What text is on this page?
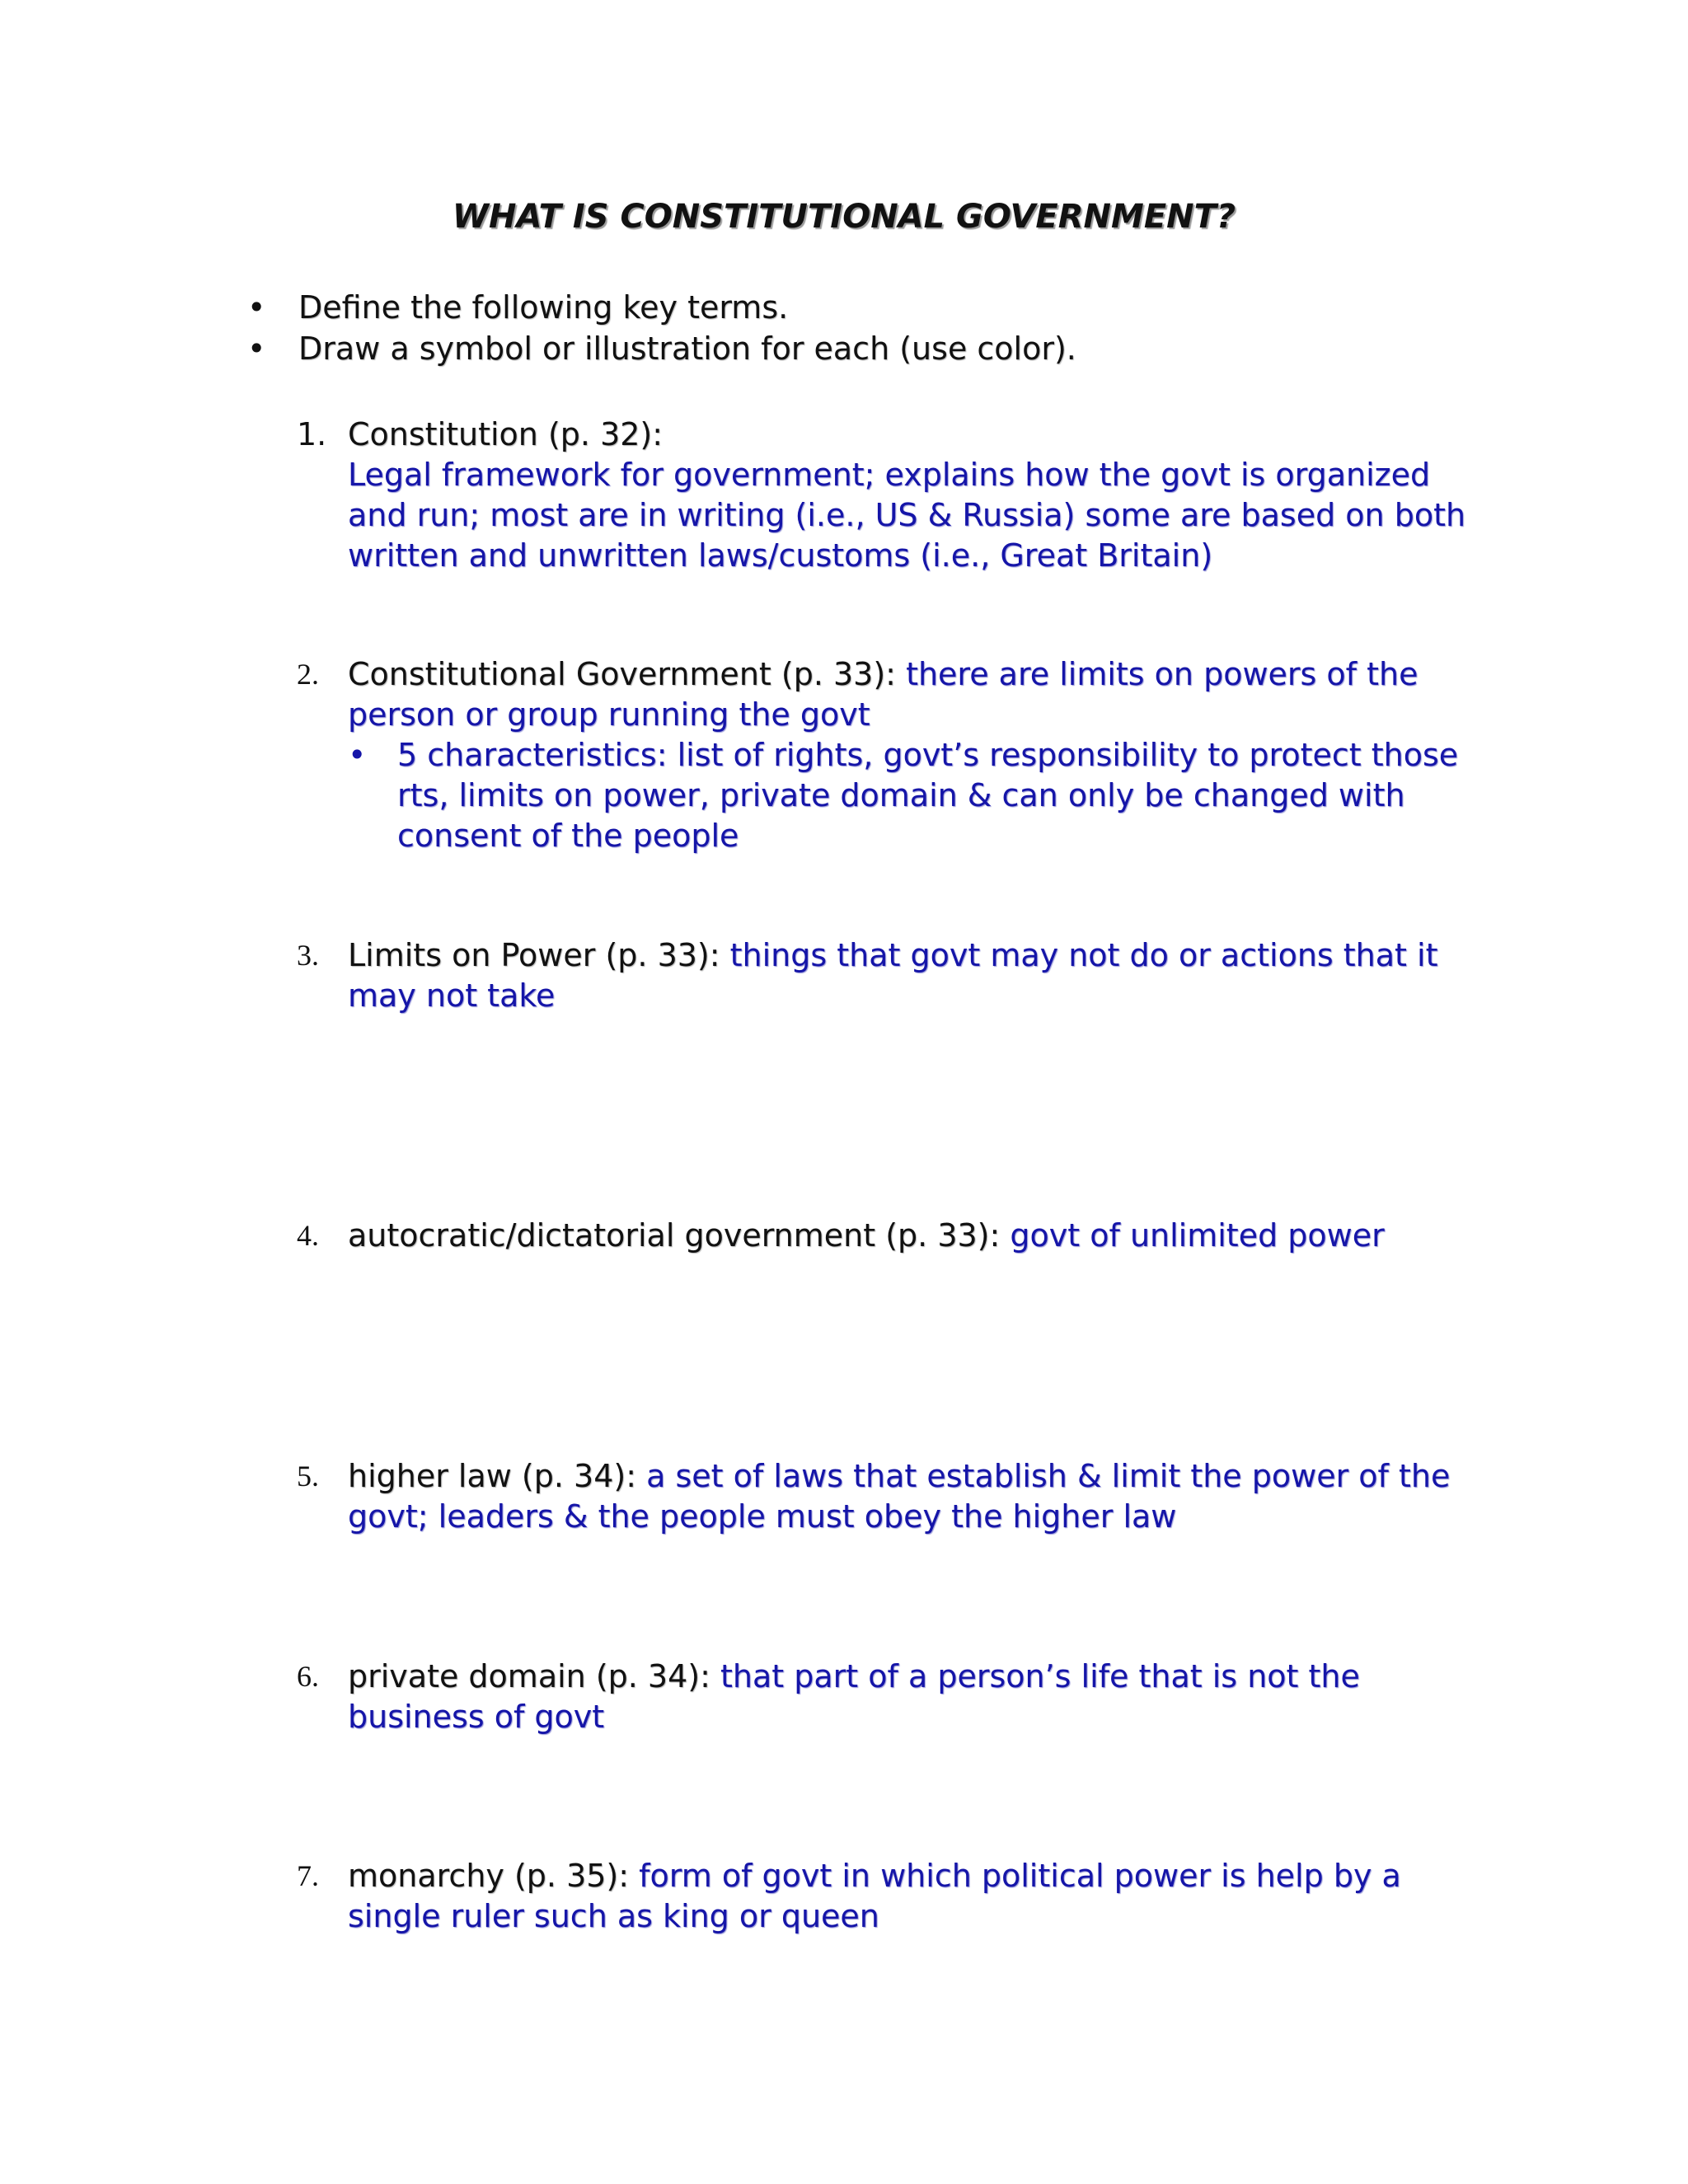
WHAT IS CONSTITUTIONAL GOVERNMENT?
• Define the following key terms.
• Draw a symbol or illustration for each (use color).
1. Constitution (p. 32):
Legal framework for government; explains how the govt is organized and run; most are in writing (i.e., US & Russia) some are based on both written and unwritten laws/customs (i.e., Great Britain)
2. Constitutional Government (p. 33): there are limits on powers of the person or group running the govt
• 5 characteristics: list of rights, govt’s responsibility to protect those rts, limits on power, private domain & can only be changed with consent of the people
3. Limits on Power (p. 33): things that govt may not do or actions that it may not take
4. autocratic/dictatorial government (p. 33): govt of unlimited power
5. higher law (p. 34): a set of laws that establish & limit the power of the govt; leaders & the people must obey the higher law
6. private domain (p. 34): that part of a person’s life that is not the business of govt
7. monarchy (p. 35): form of govt in which political power is help by a single ruler such as king or queen
